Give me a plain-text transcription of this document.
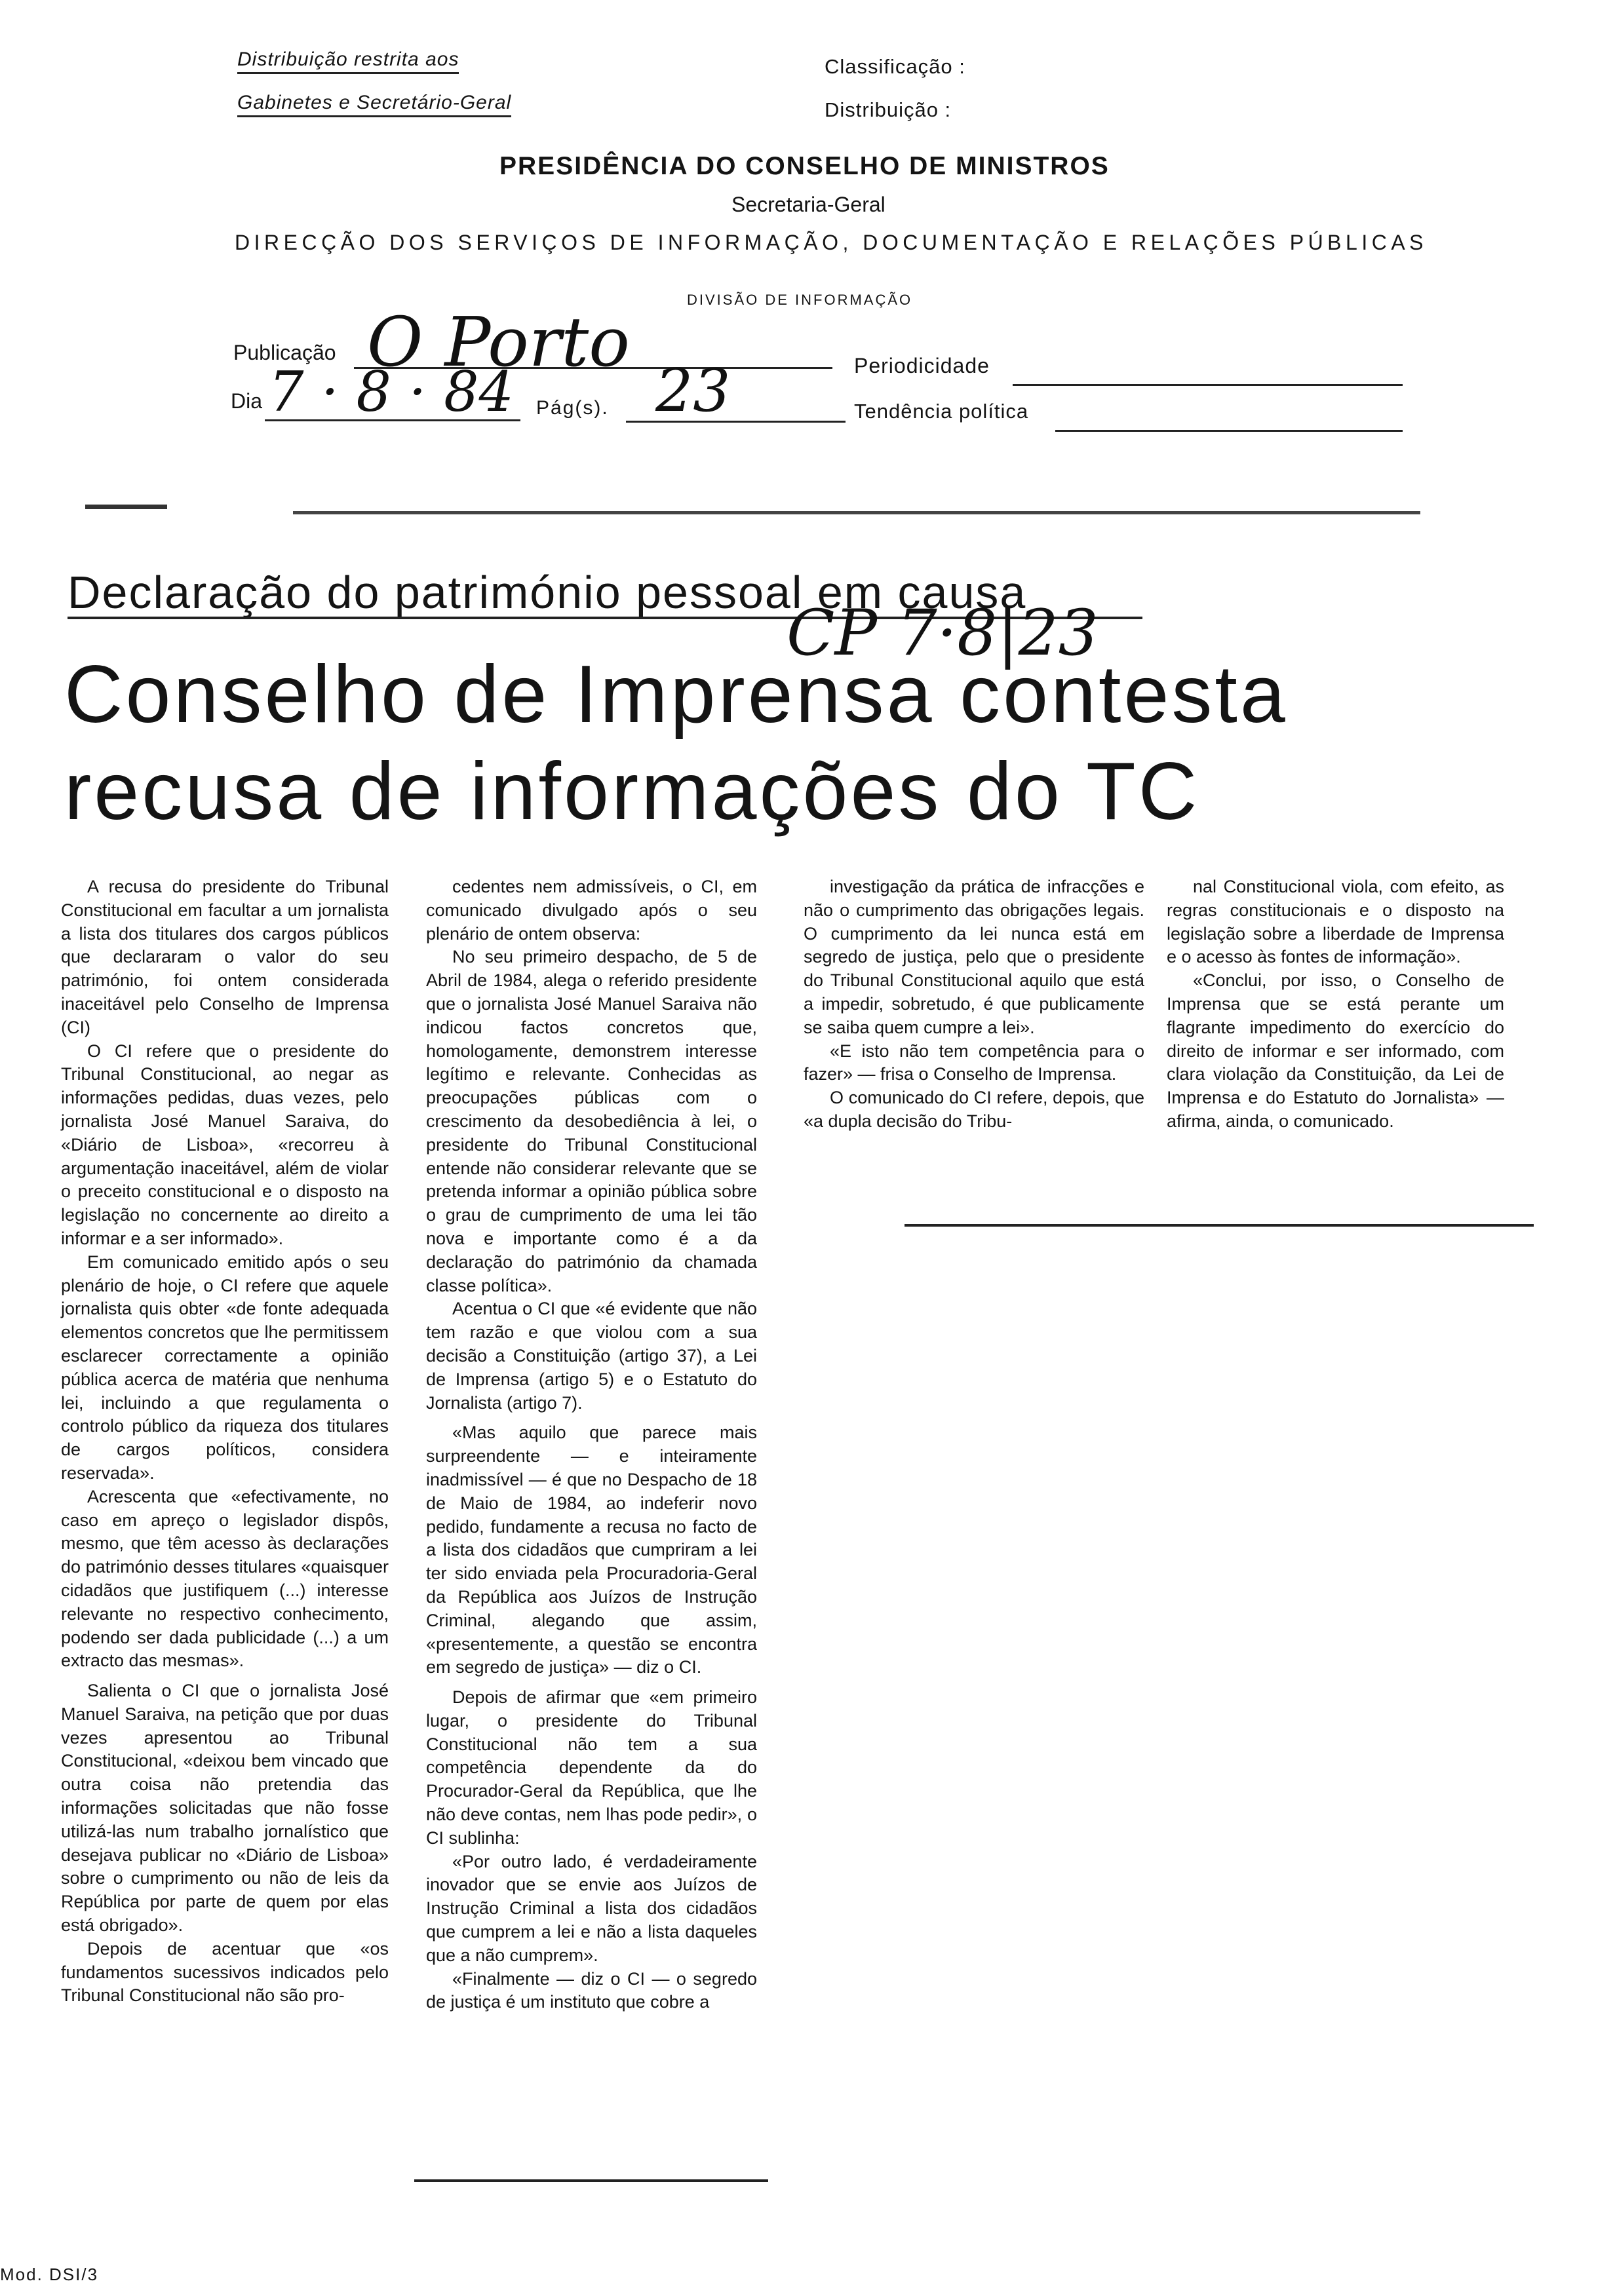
Distribuição restrita aos
Gabinetes e Secretário-Geral
Classificação :
Distribuição :
PRESIDÊNCIA DO CONSELHO DE MINISTROS
Secretaria-Geral
DIRECÇÃO DOS SERVIÇOS DE INFORMAÇÃO, DOCUMENTAÇÃO E RELAÇÕES PÚBLICAS
DIVISÃO DE INFORMAÇÃO
Publicação O Porto	Periodicidade
Dia 7 · 8 · 84 Pág(s). 23	Tendência política
Declaração do património pessoal em causa
CP 7·8|23
Conselho de Imprensa contesta
recusa de informações do TC

A recusa do presidente do Tribunal Constitucional em facultar a um jornalista a lista dos titulares dos cargos públicos que declararam o valor do seu património, foi ontem considerada inaceitável pelo Conselho de Imprensa (CI)

O CI refere que o presidente do Tribunal Constitucional, ao negar as informações pedidas, duas vezes, pelo jornalista José Manuel Saraiva, do «Diário de Lisboa», «recorreu à argumentação inaceitável, além de violar o preceito constitucional e o disposto na legislação no concernente ao direito a informar e a ser informado».

Em comunicado emitido após o seu plenário de hoje, o CI refere que aquele jornalista quis obter «de fonte adequada elementos concretos que lhe permitissem esclarecer correctamente a opinião pública acerca de matéria que nenhuma lei, incluindo a que regulamenta o controlo público da riqueza dos titulares de cargos políticos, considera reservada».

Acrescenta que «efectivamente, no caso em apreço o legislador dispôs, mesmo, que têm acesso às declarações do património desses titulares «quaisquer cidadãos que justifiquem (...) interesse relevante no respectivo conhecimento, podendo ser dada publicidade (...) a um extracto das mesmas».

Salienta o CI que o jornalista José Manuel Saraiva, na petição que por duas vezes apresentou ao Tribunal Constitucional, «deixou bem vincado que outra coisa não pretendia das informações solicitadas que não fosse utilizá-las num trabalho jornalístico que desejava publicar no «Diário de Lisboa» sobre o cumprimento ou não de leis da República por parte de quem por elas está obrigado».

Depois de acentuar que «os fundamentos sucessivos indicados pelo Tribunal Constitucional não são pro-

cedentes nem admissíveis, o CI, em comunicado divulgado após o seu plenário de ontem observa:

No seu primeiro despacho, de 5 de Abril de 1984, alega o referido presidente que o jornalista José Manuel Saraiva não indicou factos concretos que, homologamente, demonstrem interesse legítimo e relevante. Conhecidas as preocupações públicas com o crescimento da desobediência à lei, o presidente do Tribunal Constitucional entende não considerar relevante que se pretenda informar a opinião pública sobre o grau de cumprimento de uma lei tão nova e importante como é a da declaração do património da chamada classe política».

Acentua o CI que «é evidente que não tem razão e que violou com a sua decisão a Constituição (artigo 37), a Lei de Imprensa (artigo 5) e o Estatuto do Jornalista (artigo 7).

«Mas aquilo que parece mais surpreendente — e inteiramente inadmissível — é que no Despacho de 18 de Maio de 1984, ao indeferir novo pedido, fundamente a recusa no facto de a lista dos cidadãos que cumpriram a lei ter sido enviada pela Procuradoria-Geral da República aos Juízos de Instrução Criminal, alegando que assim, «presentemente, a questão se encontra em segredo de justiça» — diz o CI.

Depois de afirmar que «em primeiro lugar, o presidente do Tribunal Constitucional não tem a sua competência dependente da do Procurador-Geral da República, que lhe não deve contas, nem lhas pode pedir», o CI sublinha:

«Por outro lado, é verdadeiramente inovador que se envie aos Juízos de Instrução Criminal a lista dos cidadãos que cumprem a lei e não a lista daqueles que a não cumprem».

«Finalmente — diz o CI — o segredo de justiça é um instituto que cobre a

investigação da prática de infracções e não o cumprimento das obrigações legais. O cumprimento da lei nunca está em segredo de justiça, pelo que o presidente do Tribunal Constitucional aquilo que está a impedir, sobretudo, é que publicamente se saiba quem cumpre a lei».

«E isto não tem competência para o fazer» — frisa o Conselho de Imprensa.

O comunicado do CI refere, depois, que «a dupla decisão do Tribu-

nal Constitucional viola, com efeito, as regras constitucionais e o disposto na legislação sobre a liberdade de Imprensa e o acesso às fontes de informação».

«Conclui, por isso, o Conselho de Imprensa que se está perante um flagrante impedimento do exercício do direito de informar e ser informado, com clara violação da Constituição, da Lei de Imprensa e do Estatuto do Jornalista» — afirma, ainda, o comunicado.

Mod. DSI/3
